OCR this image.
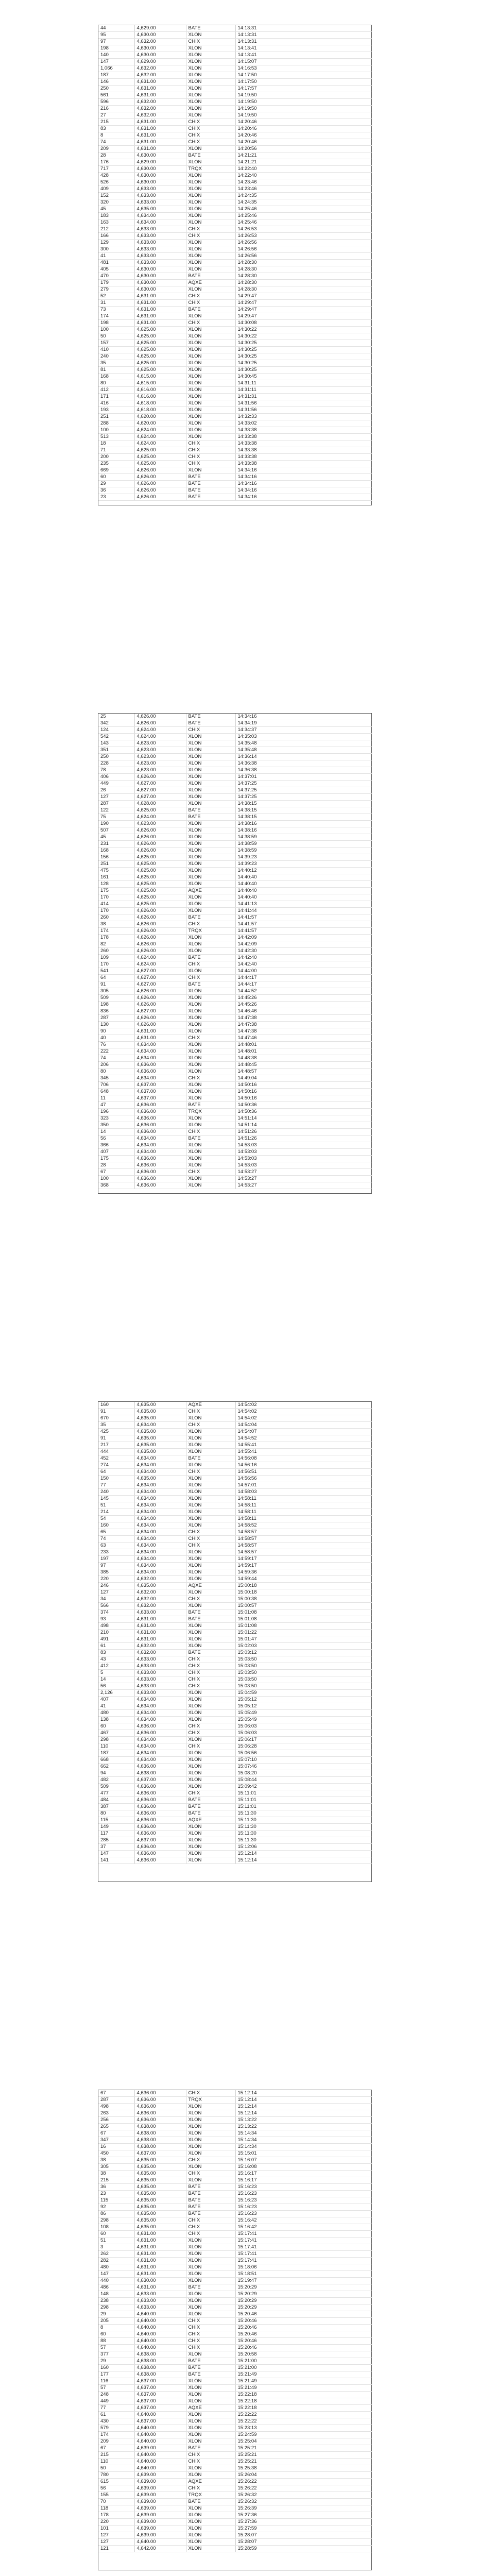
44	4,629.00	BATE	14:13:31
95	4,630.00	XLON	14:13:31
97	4,632.00	CHIX	14:13:31
198	4,630.00	XLON	14:13:41
140	4,630.00	XLON	14:13:41
147	4,629.00	XLON	14:15:07
1,066	4,632.00	XLON	14:16:53
187	4,632.00	XLON	14:17:50
146	4,631.00	XLON	14:17:50
250	4,631.00	XLON	14:17:57
561	4,631.00	XLON	14:19:50
596	4,632.00	XLON	14:19:50
216	4,632.00	XLON	14:19:50
27	4,632.00	XLON	14:19:50
215	4,631.00	CHIX	14:20:46
83	4,631.00	CHIX	14:20:46
8	4,631.00	CHIX	14:20:46
74	4,631.00	CHIX	14:20:46
209	4,631.00	XLON	14:20:56
28	4,630.00	BATE	14:21:21
176	4,629.00	XLON	14:21:21
717	4,630.00	TRQX	14:22:40
428	4,630.00	XLON	14:22:40
526	4,630.00	XLON	14:23:46
409	4,633.00	XLON	14:23:46
152	4,633.00	XLON	14:24:35
320	4,633.00	XLON	14:24:35
45	4,635.00	XLON	14:25:46
183	4,634.00	XLON	14:25:46
163	4,634.00	XLON	14:25:46
212	4,633.00	CHIX	14:26:53
166	4,633.00	CHIX	14:26:53
129	4,633.00	XLON	14:26:56
300	4,633.00	XLON	14:26:56
41	4,633.00	XLON	14:26:56
481	4,633.00	XLON	14:28:30
405	4,630.00	XLON	14:28:30
470	4,630.00	BATE	14:28:30
179	4,630.00	AQXE	14:28:30
279	4,630.00	XLON	14:28:30
52	4,631.00	CHIX	14:29:47
31	4,631.00	CHIX	14:29:47
73	4,631.00	BATE	14:29:47
174	4,631.00	XLON	14:29:47
198	4,631.00	CHIX	14:30:08
100	4,625.00	XLON	14:30:22
50	4,625.00	XLON	14:30:22
157	4,625.00	XLON	14:30:25
410	4,625.00	XLON	14:30:25
240	4,625.00	XLON	14:30:25
35	4,625.00	XLON	14:30:25
81	4,625.00	XLON	14:30:25
168	4,615.00	XLON	14:30:45
80	4,615.00	XLON	14:31:11
412	4,616.00	XLON	14:31:11
171	4,616.00	XLON	14:31:31
416	4,618.00	XLON	14:31:56
193	4,618.00	XLON	14:31:56
251	4,620.00	XLON	14:32:33
288	4,620.00	XLON	14:33:02
100	4,624.00	XLON	14:33:38
513	4,624.00	XLON	14:33:38
18	4,624.00	CHIX	14:33:38
71	4,625.00	CHIX	14:33:38
200	4,625.00	CHIX	14:33:38
235	4,625.00	CHIX	14:33:38
669	4,626.00	XLON	14:34:16
60	4,626.00	BATE	14:34:16
29	4,626.00	BATE	14:34:16
36	4,626.00	BATE	14:34:16
23	4,626.00	BATE	14:34:16
25	4,626.00	BATE	14:34:16
342	4,626.00	BATE	14:34:19
124	4,624.00	CHIX	14:34:37
542	4,624.00	XLON	14:35:03
143	4,623.00	XLON	14:35:48
351	4,623.00	XLON	14:35:48
250	4,623.00	XLON	14:36:14
228	4,623.00	XLON	14:36:38
78	4,623.00	XLON	14:36:38
406	4,626.00	XLON	14:37:01
449	4,627.00	XLON	14:37:25
26	4,627.00	XLON	14:37:25
127	4,627.00	XLON	14:37:25
287	4,628.00	XLON	14:38:15
122	4,625.00	BATE	14:38:15
75	4,624.00	BATE	14:38:15
190	4,623.00	XLON	14:38:16
507	4,626.00	XLON	14:38:16
45	4,626.00	XLON	14:38:59
231	4,626.00	XLON	14:38:59
168	4,626.00	XLON	14:38:59
156	4,625.00	XLON	14:39:23
251	4,625.00	XLON	14:39:23
475	4,625.00	XLON	14:40:12
161	4,625.00	XLON	14:40:40
128	4,625.00	XLON	14:40:40
175	4,625.00	AQXE	14:40:40
170	4,625.00	XLON	14:40:40
414	4,625.00	XLON	14:41:13
170	4,626.00	XLON	14:41:44
260	4,626.00	BATE	14:41:57
38	4,626.00	CHIX	14:41:57
174	4,626.00	TRQX	14:41:57
178	4,626.00	XLON	14:42:09
82	4,626.00	XLON	14:42:09
260	4,626.00	XLON	14:42:30
109	4,624.00	BATE	14:42:40
170	4,624.00	CHIX	14:42:40
541	4,627.00	XLON	14:44:00
64	4,627.00	CHIX	14:44:17
91	4,627.00	BATE	14:44:17
305	4,626.00	XLON	14:44:52
509	4,626.00	XLON	14:45:26
198	4,626.00	XLON	14:45:26
836	4,627.00	XLON	14:46:46
287	4,626.00	XLON	14:47:38
130	4,626.00	XLON	14:47:38
90	4,631.00	XLON	14:47:38
40	4,631.00	CHIX	14:47:46
76	4,634.00	XLON	14:48:01
222	4,634.00	XLON	14:48:01
74	4,634.00	XLON	14:48:38
206	4,636.00	XLON	14:48:45
80	4,636.00	XLON	14:48:57
345	4,634.00	CHIX	14:49:04
706	4,637.00	XLON	14:50:16
648	4,637.00	XLON	14:50:16
11	4,637.00	XLON	14:50:16
47	4,636.00	BATE	14:50:36
196	4,636.00	TRQX	14:50:36
323	4,636.00	XLON	14:51:14
350	4,636.00	XLON	14:51:14
14	4,636.00	CHIX	14:51:26
56	4,634.00	BATE	14:51:26
366	4,634.00	XLON	14:53:03
407	4,634.00	XLON	14:53:03
175	4,636.00	XLON	14:53:03
28	4,636.00	XLON	14:53:03
67	4,636.00	CHIX	14:53:27
100	4,636.00	XLON	14:53:27
368	4,636.00	XLON	14:53:27
160	4,635.00	AQXE	14:54:02
91	4,635.00	CHIX	14:54:02
670	4,635.00	XLON	14:54:02
35	4,634.00	CHIX	14:54:04
425	4,635.00	XLON	14:54:07
91	4,635.00	XLON	14:54:52
217	4,635.00	XLON	14:55:41
444	4,635.00	XLON	14:55:41
452	4,634.00	BATE	14:56:08
274	4,634.00	XLON	14:56:16
64	4,634.00	CHIX	14:56:51
150	4,635.00	XLON	14:56:56
77	4,634.00	XLON	14:57:01
240	4,634.00	XLON	14:58:03
145	4,634.00	XLON	14:58:11
51	4,634.00	XLON	14:58:11
214	4,634.00	XLON	14:58:11
54	4,634.00	XLON	14:58:11
160	4,634.00	XLON	14:58:52
65	4,634.00	CHIX	14:58:57
74	4,634.00	CHIX	14:58:57
63	4,634.00	CHIX	14:58:57
233	4,634.00	XLON	14:58:57
197	4,634.00	XLON	14:59:17
97	4,634.00	XLON	14:59:17
385	4,634.00	XLON	14:59:36
220	4,632.00	XLON	14:59:44
246	4,635.00	AQXE	15:00:18
127	4,632.00	XLON	15:00:18
34	4,632.00	CHIX	15:00:38
566	4,632.00	XLON	15:00:57
374	4,633.00	BATE	15:01:08
93	4,631.00	BATE	15:01:08
498	4,631.00	XLON	15:01:08
210	4,631.00	XLON	15:01:22
491	4,631.00	XLON	15:01:47
61	4,632.00	XLON	15:02:03
83	4,632.00	BATE	15:03:12
43	4,633.00	CHIX	15:03:50
412	4,633.00	CHIX	15:03:50
5	4,633.00	CHIX	15:03:50
14	4,633.00	CHIX	15:03:50
56	4,633.00	CHIX	15:03:50
2,126	4,633.00	XLON	15:04:59
407	4,634.00	XLON	15:05:12
41	4,634.00	XLON	15:05:12
480	4,634.00	XLON	15:05:49
138	4,634.00	XLON	15:05:49
60	4,636.00	CHIX	15:06:03
467	4,636.00	CHIX	15:06:03
298	4,634.00	XLON	15:06:17
110	4,634.00	CHIX	15:06:28
187	4,634.00	XLON	15:06:56
668	4,634.00	XLON	15:07:10
662	4,636.00	XLON	15:07:46
94	4,638.00	XLON	15:08:20
482	4,637.00	XLON	15:08:44
509	4,636.00	XLON	15:09:42
477	4,636.00	CHIX	15:11:01
484	4,636.00	BATE	15:11:01
387	4,636.00	BATE	15:11:01
80	4,636.00	BATE	15:11:30
115	4,636.00	AQXE	15:11:30
149	4,636.00	XLON	15:11:30
117	4,636.00	XLON	15:11:30
285	4,637.00	XLON	15:11:30
37	4,636.00	XLON	15:12:06
147	4,636.00	XLON	15:12:14
141	4,636.00	XLON	15:12:14
67	4,636.00	CHIX	15:12:14
287	4,636.00	TRQX	15:12:14
498	4,636.00	XLON	15:12:14
263	4,636.00	XLON	15:12:14
256	4,636.00	XLON	15:13:22
265	4,638.00	XLON	15:13:22
67	4,638.00	XLON	15:14:34
347	4,638.00	XLON	15:14:34
16	4,638.00	XLON	15:14:34
450	4,637.00	XLON	15:15:01
38	4,635.00	CHIX	15:16:07
305	4,635.00	XLON	15:16:08
38	4,635.00	CHIX	15:16:17
215	4,635.00	XLON	15:16:17
36	4,635.00	BATE	15:16:23
23	4,635.00	BATE	15:16:23
115	4,635.00	BATE	15:16:23
92	4,635.00	BATE	15:16:23
86	4,635.00	BATE	15:16:23
298	4,635.00	CHIX	15:16:42
108	4,635.00	CHIX	15:16:42
60	4,631.00	CHIX	15:17:41
51	4,631.00	XLON	15:17:41
3	4,631.00	XLON	15:17:41
262	4,631.00	XLON	15:17:41
282	4,631.00	XLON	15:17:41
480	4,631.00	XLON	15:18:06
147	4,631.00	XLON	15:18:51
440	4,630.00	XLON	15:19:47
486	4,631.00	BATE	15:20:29
148	4,633.00	XLON	15:20:29
238	4,633.00	XLON	15:20:29
298	4,633.00	XLON	15:20:29
29	4,640.00	XLON	15:20:46
205	4,640.00	CHIX	15:20:46
8	4,640.00	CHIX	15:20:46
60	4,640.00	CHIX	15:20:46
88	4,640.00	CHIX	15:20:46
57	4,640.00	CHIX	15:20:46
377	4,638.00	XLON	15:20:58
29	4,638.00	BATE	15:21:00
160	4,638.00	BATE	15:21:00
177	4,638.00	BATE	15:21:49
116	4,637.00	XLON	15:21:49
57	4,637.00	XLON	15:21:49
248	4,637.00	XLON	15:22:18
449	4,637.00	XLON	15:22:18
77	4,637.00	AQXE	15:22:18
61	4,640.00	XLON	15:22:22
430	4,637.00	XLON	15:22:22
579	4,640.00	XLON	15:23:13
174	4,640.00	XLON	15:24:59
209	4,640.00	XLON	15:25:04
67	4,639.00	BATE	15:25:21
215	4,640.00	CHIX	15:25:21
110	4,640.00	CHIX	15:25:21
50	4,640.00	XLON	15:25:38
780	4,639.00	XLON	15:26:04
615	4,639.00	AQXE	15:26:22
56	4,639.00	CHIX	15:26:22
155	4,639.00	TRQX	15:26:32
70	4,639.00	BATE	15:26:32
118	4,639.00	XLON	15:26:39
178	4,639.00	XLON	15:27:36
220	4,639.00	XLON	15:27:36
101	4,639.00	XLON	15:27:59
127	4,639.00	XLON	15:28:07
127	4,640.00	XLON	15:28:07
121	4,642.00	XLON	15:28:59
